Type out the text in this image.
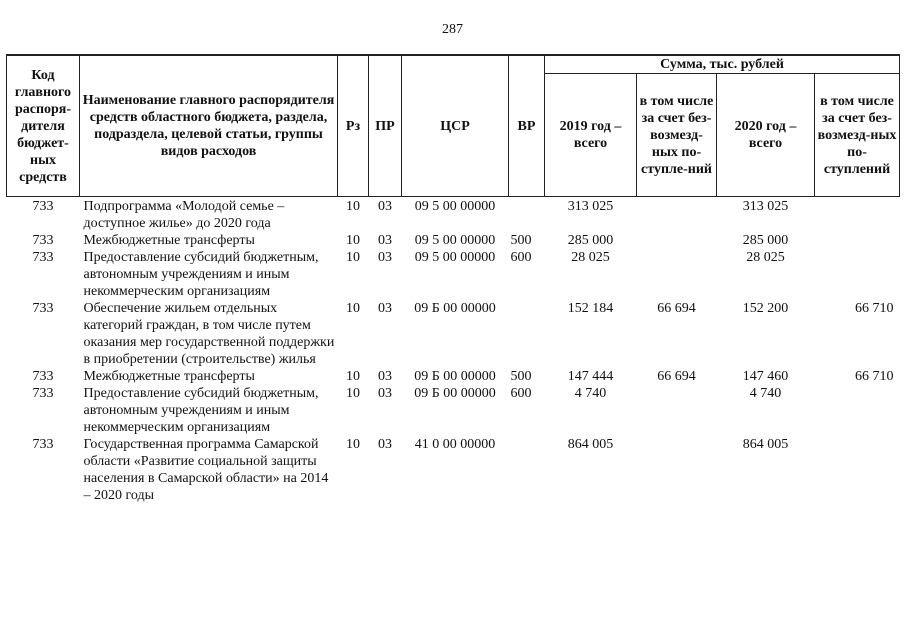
287
Код главного распоря-дителя бюджет-ных средств	Наименование главного распорядителя средств областного бюджета, раздела, подраздела, целевой статьи, группы видов расходов	Рз	ПР	ЦСР	ВР	Сумма, тыс. рублей			
						2019 год – всего	в том числе за счет без-возмезд-ных по-ступле-ний	2020 год – всего	в том числе за счет без-возмезд-ных по-ступлений
733	Подпрограмма «Молодой семье – доступное жилье» до 2020 года	10	03	09 5 00 00000		313 025		313 025	
733	Межбюджетные трансферты	10	03	09 5 00 00000	500	285 000		285 000	
733	Предоставление субсидий бюджетным, автономным учреждениям и иным некоммерческим организациям	10	03	09 5 00 00000	600	28 025		28 025	
733	Обеспечение жильем отдельных категорий граждан, в том числе путем оказания мер государственной поддержки в приобретении (строительстве) жилья	10	03	09 Б 00 00000		152 184	66 694	152 200	66 710
733	Межбюджетные трансферты	10	03	09 Б 00 00000	500	147 444	66 694	147 460	66 710
733	Предоставление субсидий бюджетным, автономным учреждениям и иным некоммерческим организациям	10	03	09 Б 00 00000	600	4 740		4 740	
733	Государственная программа Самарской области «Развитие социальной защиты населения в Самарской области» на 2014 – 2020 годы	10	03	41 0 00 00000		864 005		864 005	
